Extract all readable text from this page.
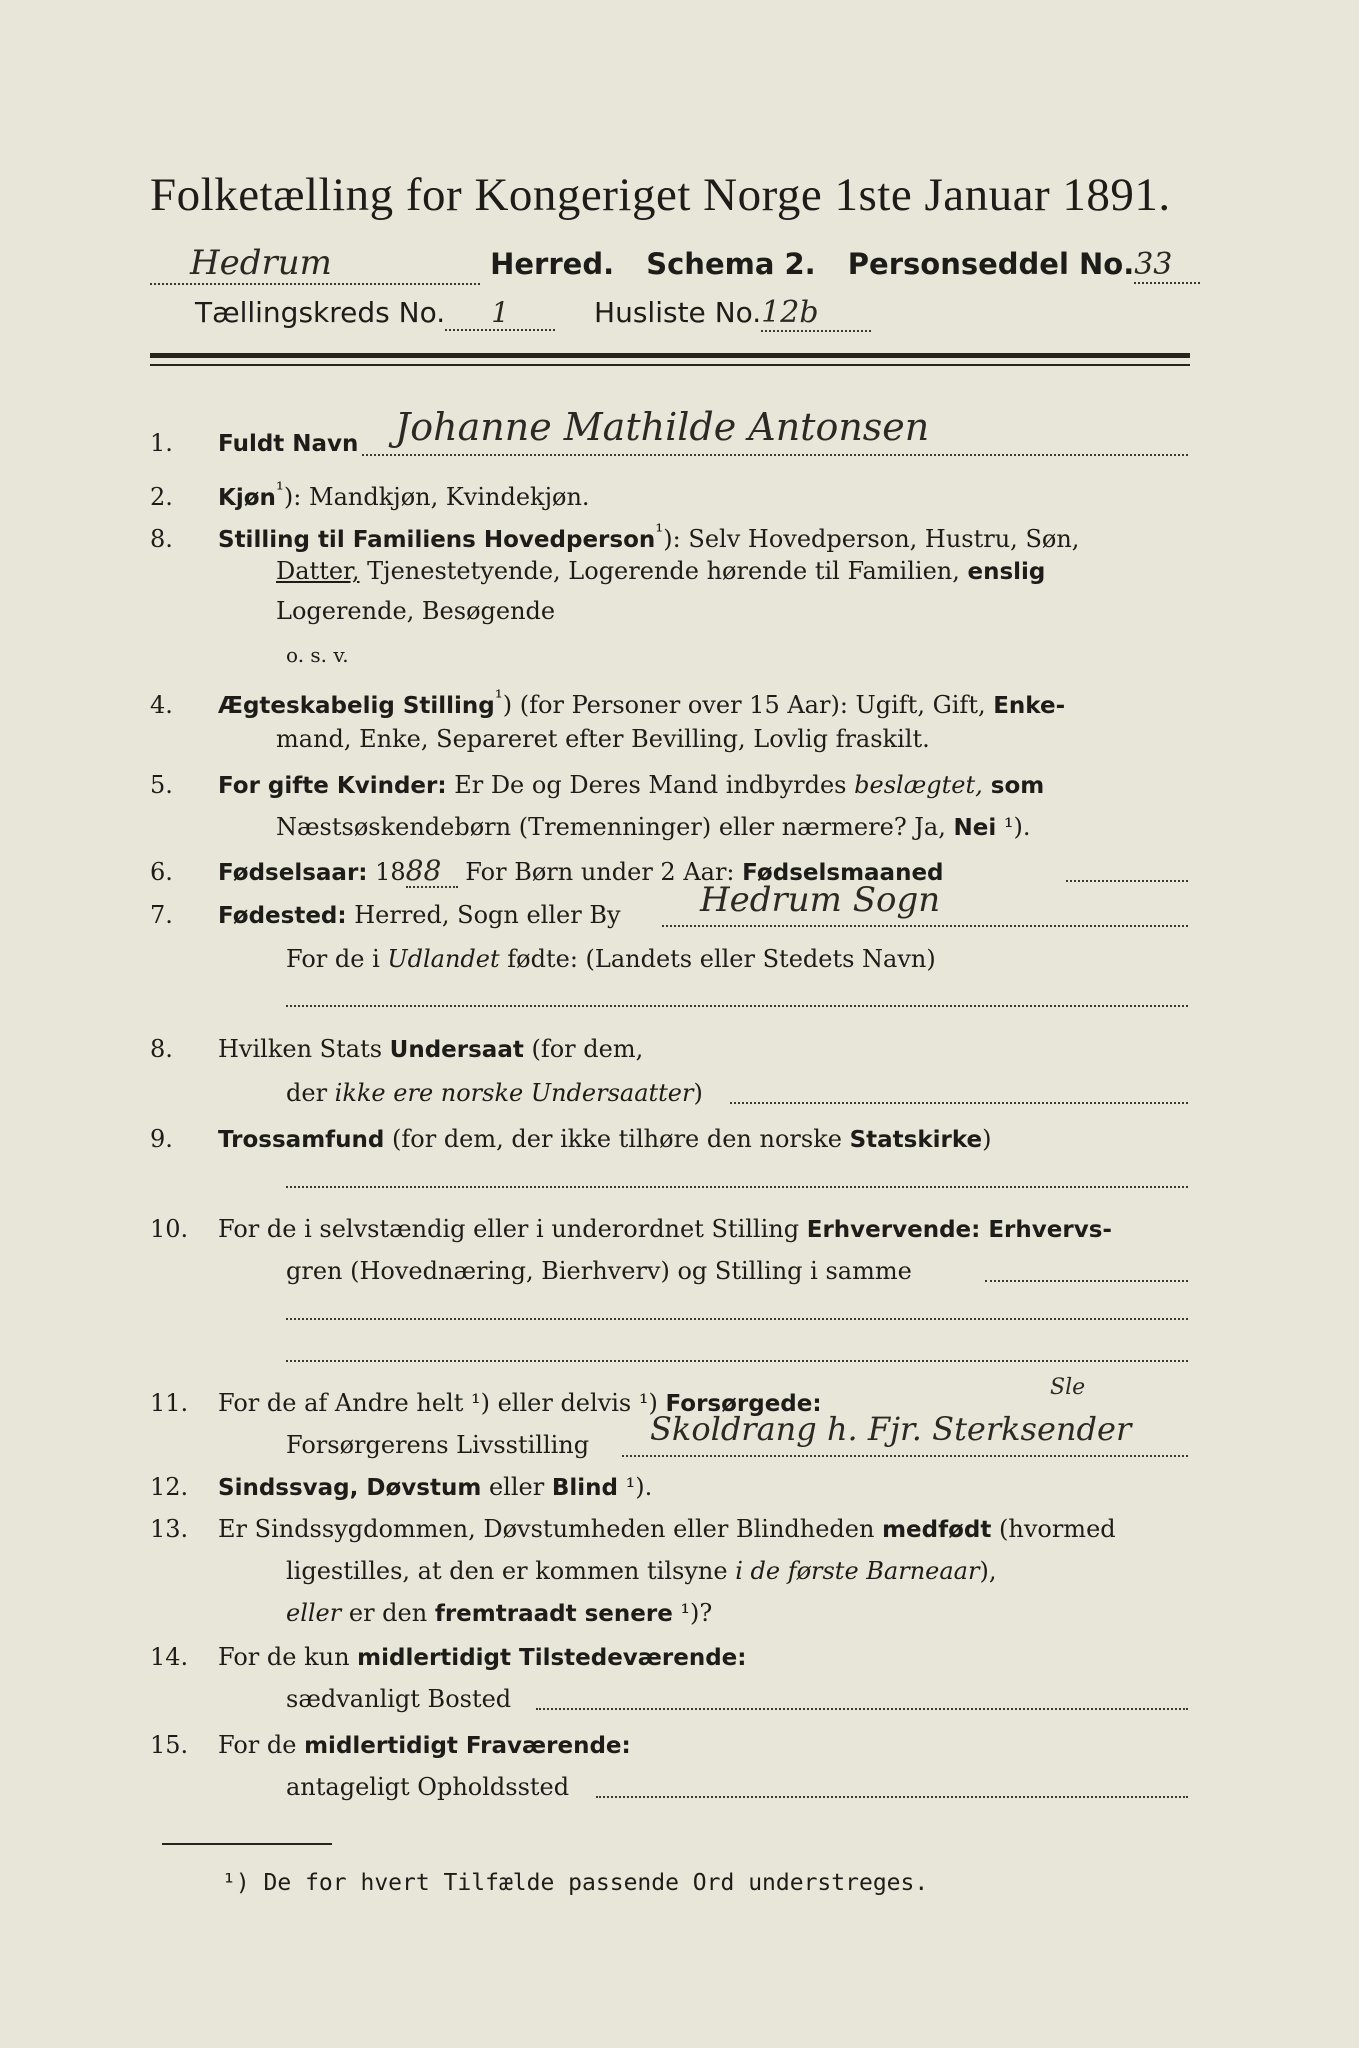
Folketælling for Kongeriget Norge 1ste Januar 1891.
Hedrum	Herred. Schema 2. Personseddel No.33
Tællingskreds No. 1	Husliste No.12b
1. Fuldt Navn Johanne Mathilde Antonsen
2. Kjøn$^{^1}$): Mandkjøn, Kvindekjøn.
8. Stilling til Familiens Hovedperson$^{^1}$): Selv Hovedperson, Hustru, Søn,
Datter, Tjenestetyende, Logerende hørende til Familien, enslig
Logerende, Besøgende
o. s. v.
4. Ægteskabelig Stilling$^{^1}$) (for Personer over 15 Aar): Ugift, Gift, Enke-
mand, Enke, Separeret efter Bevilling, Lovlig fraskilt.
5. For gifte Kvinder: Er De og Deres Mand indbyrdes beslægtet, som
Næstsøskendebørn (Tremenninger) eller nærmere? Ja, Nei ¹).
6. Fødselsaar: 1888 For Børn under 2 Aar: Fødselsmaaned
7. Fødested: Herred, Sogn eller By	Hedrum Sogn
For de i Udlandet fødte: (Landets eller Stedets Navn)
8. Hvilken Stats Undersaat (for dem,
der ikke ere norske Undersaatter)
9. Trossamfund (for dem, der ikke tilhøre den norske Statskirke)
10. For de i selvstændig eller i underordnet Stilling Erhvervende: Erhvervs-
gren (Hovednæring, Bierhverv) og Stilling i samme
11. For de af Andre helt ¹) eller delvis ¹) Forsørgede:
Forsørgerens Livsstilling	Skoldrang h. Fjr. Sterksender
Sle
12. Sindssvag, Døvstum eller Blind ¹).
13. Er Sindssygdommen, Døvstumheden eller Blindheden medfødt (hvormed
ligestilles, at den er kommen tilsyne i de første Barneaar),
eller er den fremtraadt senere ¹)?
14. For de kun midlertidigt Tilstedeværende:
sædvanligt Bosted
15. For de midlertidigt Fraværende:
antageligt Opholdssted
¹) De for hvert Tilfælde passende Ord understreges.
